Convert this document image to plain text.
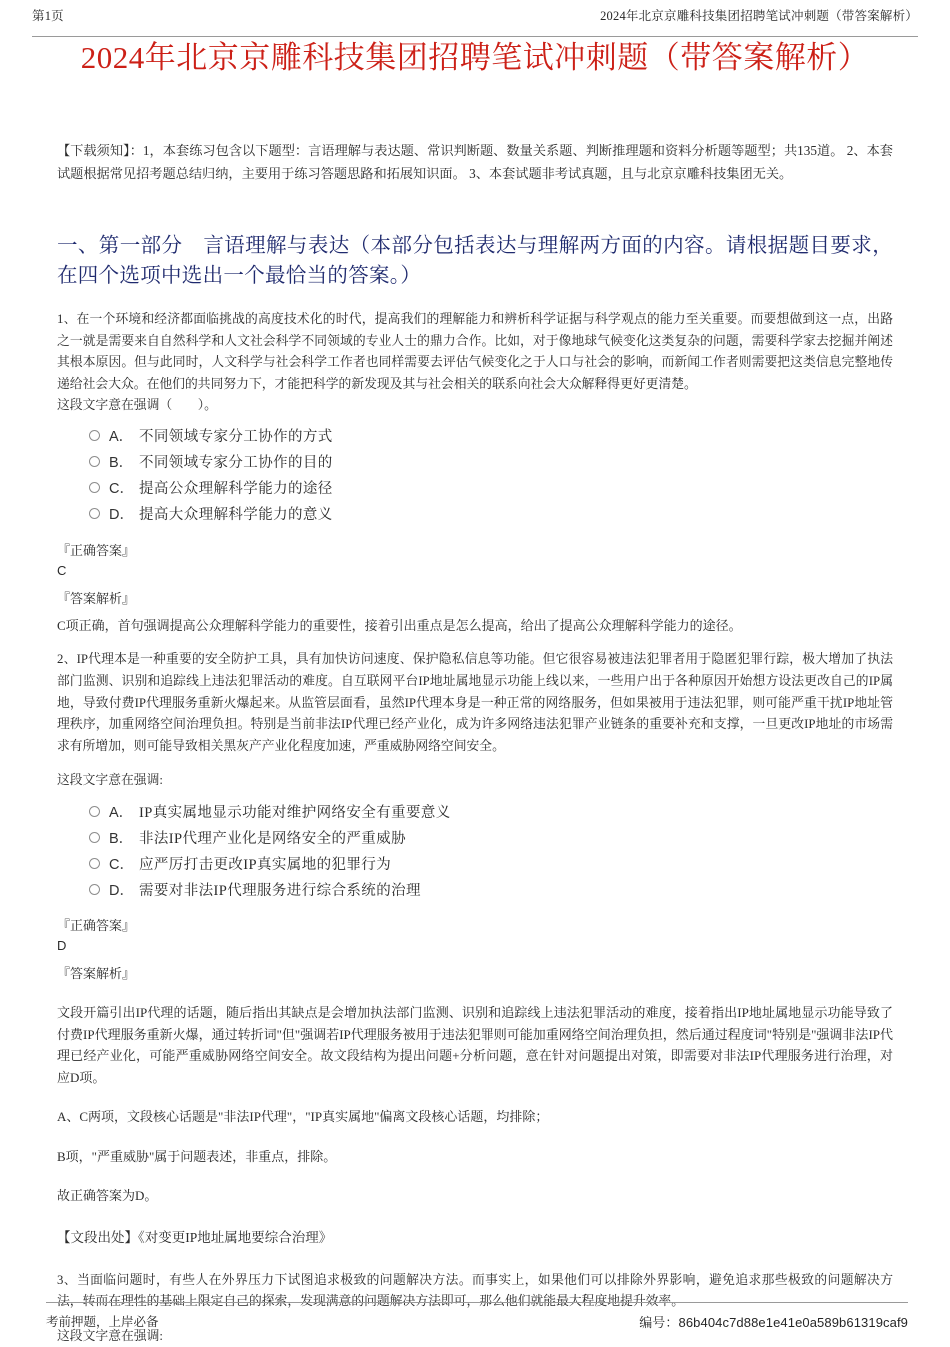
第1页	2024年北京京雕科技集团招聘笔试冲刺题（带答案解析）
2024年北京京雕科技集团招聘笔试冲刺题（带答案解析）

【下载须知】：1，本套练习包含以下题型：言语理解与表达题、常识判断题、数量关系题、判断推理题和资料分析题等题型；共135道。 2、本套试题根据常见招考题总结归纳，主要用于练习答题思路和拓展知识面。 3、本套试题非考试真题，且与北京京雕科技集团无关。

一、第一部分　言语理解与表达（本部分包括表达与理解两方面的内容。请根据题目要求，在四个选项中选出一个最恰当的答案。）

1、在一个环境和经济都面临挑战的高度技术化的时代，提高我们的理解能力和辨析科学证据与科学观点的能力至关重要。而要想做到这一点，出路之一就是需要来自自然科学和人文社会科学不同领域的专业人士的鼎力合作。比如，对于像地球气候变化这类复杂的问题，需要科学家去挖掘并阐述其根本原因。但与此同时，人文科学与社会科学工作者也同样需要去评估气候变化之于人口与社会的影响，而新闻工作者则需要把这类信息完整地传递给社会大众。在他们的共同努力下，才能把科学的新发现及其与社会相关的联系向社会大众解释得更好更清楚。

这段文字意在强调（　　）。

A． 不同领域专家分工协作的方式
B． 不同领域专家分工协作的目的
C． 提高公众理解科学能力的途径
D． 提高大众理解科学能力的意义

『正确答案』

C

『答案解析』

C项正确，首句强调提高公众理解科学能力的重要性，接着引出重点是怎么提高，给出了提高公众理解科学能力的途径。

2、IP代理本是一种重要的安全防护工具，具有加快访问速度、保护隐私信息等功能。但它很容易被违法犯罪者用于隐匿犯罪行踪，极大增加了执法部门监测、识别和追踪线上违法犯罪活动的难度。自互联网平台IP地址属地显示功能上线以来，一些用户出于各种原因开始想方设法更改自己的IP属地，导致付费IP代理服务重新火爆起来。从监管层面看，虽然IP代理本身是一种正常的网络服务，但如果被用于违法犯罪，则可能严重干扰IP地址管理秩序，加重网络空间治理负担。特别是当前非法IP代理已经产业化，成为许多网络违法犯罪产业链条的重要补充和支撑，一旦更改IP地址的市场需求有所增加，则可能导致相关黑灰产产业化程度加速，严重威胁网络空间安全。

这段文字意在强调:

A． IP真实属地显示功能对维护网络安全有重要意义
B． 非法IP代理产业化是网络安全的严重威胁
C． 应严厉打击更改IP真实属地的犯罪行为
D． 需要对非法IP代理服务进行综合系统的治理

『正确答案』

D

『答案解析』

文段开篇引出IP代理的话题，随后指出其缺点是会增加执法部门监测、识别和追踪线上违法犯罪活动的难度，接着指出IP地址属地显示功能导致了付费IP代理服务重新火爆，通过转折词"但"强调若IP代理服务被用于违法犯罪则可能加重网络空间治理负担，然后通过程度词"特别是"强调非法IP代理已经产业化，可能严重威胁网络空间安全。故文段结构为提出问题+分析问题，意在针对问题提出对策，即需要对非法IP代理服务进行治理，对应D项。

A、C两项，文段核心话题是"非法IP代理"，"IP真实属地"偏离文段核心话题，均排除；

B项，"严重威胁"属于问题表述，非重点，排除。

故正确答案为D。

【文段出处】《对变更IP地址属地要综合治理》

3、当面临问题时，有些人在外界压力下试图追求极致的问题解决方法。而事实上，如果他们可以排除外界影响，避免追求那些极致的问题解决方法，转而在理性的基础上限定自己的探索，发现满意的问题解决方法即可，那么他们就能最大程度地提升效率。

这段文字意在强调:

考前押题，上岸必备	编号：86b404c7d88e1e41e0a589b61319caf9
